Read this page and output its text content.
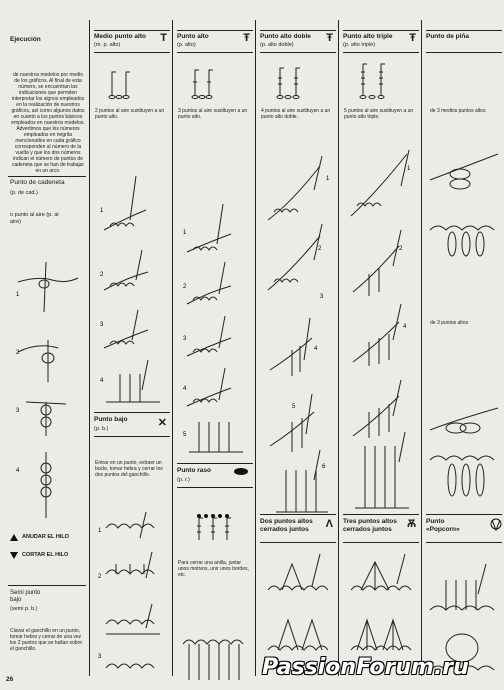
Ejecución
de nuestros modelos por medio de los gráficos. Al final de esta número, se encuentran las indicaciones que permiten interpretar los signos empleados en la realización de nuestros gráficos, así como algunos datos en cuanto a los puntos básicos empleados en nuestros modelos. Advertimos que los números empleados en negrita mencionados en cada gráfico corresponden al número de la vuelta y que los dos números indican el número de puntos de cadeneta que se han de trabajar en un arco.
Punto de cadeneta
(p. de cad.)
o punto al aire (p. al aire)
1
2
3
4
ANUDAR EL HILO
CORTAR EL HILO
Semi punto bajo
(semi p. b.)
Clavar el ganchillo en un punto, tomar hebra y cerrar de una vez los 2 puntos que se hallan sobre el ganchillo.
26
Medio punto alto
(m. p. alto)
T
2 puntos al aire sustituyen a un punto alto.
1
2
3
4
Punto bajo
(p. b.)	✕
Entrar en un punto, extraer un bucle, tomar hebra y cerrar los dos puntos del ganchillo.
1
2
3
Punto alto
(p. alto)
Ŧ
3 puntos al aire sustituyen a un punto alto.
1
2
3
4
5
Punto raso
(p. r.)
Para cerrar una anilla, juntar unos motivos, unir unos bordes, etc.
Punto alto doble
(p. alto doble)
Ŧ
4 puntos al aire sustituyen a un punto alto doble.
1
2
3
4
5
6
Dos puntos altos cerrados juntos	Ʌ
Punto alto triple
(p. alto triple)
Ŧ
5 puntos al aire sustituyen a un punto alto triple.
1
2
4
Tres puntos altos cerrados juntos	Ѫ
Punto de piña
de 3 medios puntos altos
de 3 puntos altos
Punto «Popcorn»
PassionForum.ru
